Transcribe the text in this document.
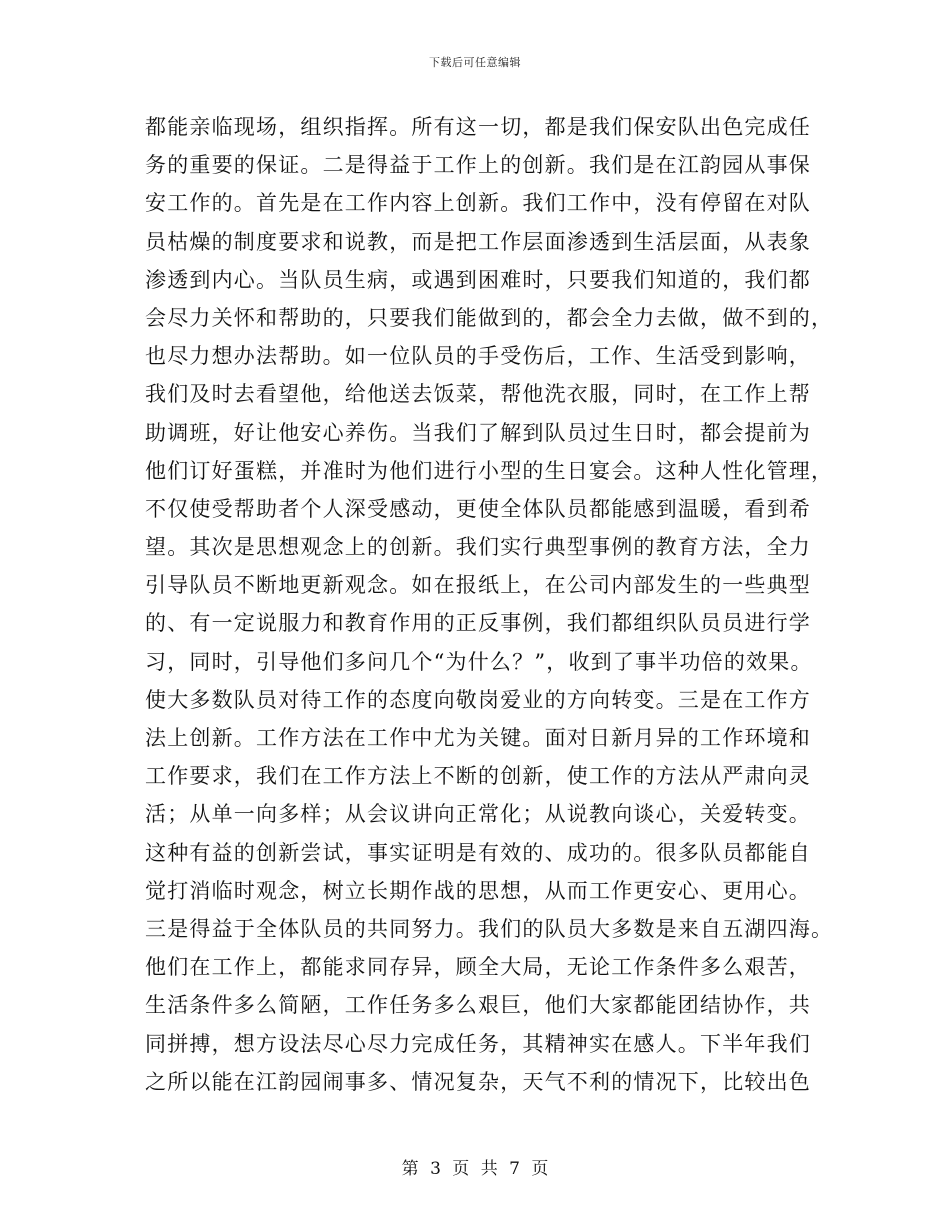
下载后可任意编辑
都能亲临现场，组织指挥。所有这一切，都是我们保安队出色完成任
务的重要的保证。二是得益于工作上的创新。我们是在江韵园从事保
安工作的。首先是在工作内容上创新。我们工作中，没有停留在对队
员枯燥的制度要求和说教，而是把工作层面渗透到生活层面，从表象
渗透到内心。当队员生病，或遇到困难时，只要我们知道的，我们都
会尽力关怀和帮助的，只要我们能做到的，都会全力去做，做不到的，
也尽力想办法帮助。如一位队员的手受伤后，工作、生活受到影响，
我们及时去看望他，给他送去饭菜，帮他洗衣服，同时，在工作上帮
助调班，好让他安心养伤。当我们了解到队员过生日时，都会提前为
他们订好蛋糕，并准时为他们进行小型的生日宴会。这种人性化管理，
不仅使受帮助者个人深受感动，更使全体队员都能感到温暖，看到希
望。其次是思想观念上的创新。我们实行典型事例的教育方法，全力
引导队员不断地更新观念。如在报纸上，在公司内部发生的一些典型
的、有一定说服力和教育作用的正反事例，我们都组织队员员进行学
习，同时，引导他们多问几个“为什么？”，收到了事半功倍的效果。
使大多数队员对待工作的态度向敬岗爱业的方向转变。三是在工作方
法上创新。工作方法在工作中尤为关键。面对日新月异的工作环境和
工作要求，我们在工作方法上不断的创新，使工作的方法从严肃向灵
活；从单一向多样；从会议讲向正常化；从说教向谈心，关爱转变。
这种有益的创新尝试，事实证明是有效的、成功的。很多队员都能自
觉打消临时观念，树立长期作战的思想，从而工作更安心、更用心。
三是得益于全体队员的共同努力。我们的队员大多数是来自五湖四海。
他们在工作上，都能求同存异，顾全大局，无论工作条件多么艰苦，
生活条件多么简陋，工作任务多么艰巨，他们大家都能团结协作，共
同拼搏，想方设法尽心尽力完成任务，其精神实在感人。下半年我们
之所以能在江韵园闹事多、情况复杂，天气不利的情况下，比较出色
第 3 页 共 7 页
